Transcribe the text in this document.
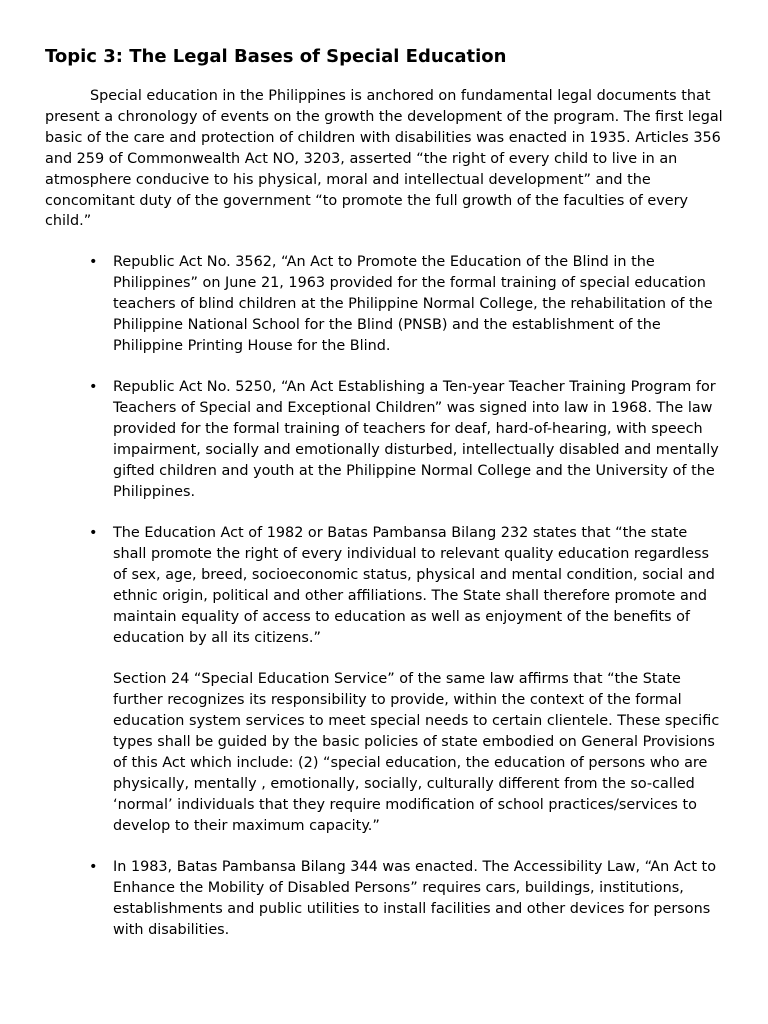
Topic 3: The Legal Bases of Special Education

Special education in the Philippines is anchored on fundamental legal documents that present a chronology of events on the growth the development of the program. The first legal basic of the care and protection of children with disabilities was enacted in 1935. Articles 356 and 259 of Commonwealth Act NO, 3203, asserted “the right of every child to live in an atmosphere conducive to his physical, moral and intellectual development” and the concomitant duty of the government “to promote the full growth of the faculties of every child.”

• Republic Act No. 3562, “An Act to Promote the Education of the Blind in the Philippines” on June 21, 1963 provided for the formal training of special education teachers of blind children at the Philippine Normal College, the rehabilitation of the Philippine National School for the Blind (PNSB) and the establishment of the Philippine Printing House for the Blind.

• Republic Act No. 5250, “An Act Establishing a Ten-year Teacher Training Program for Teachers of Special and Exceptional Children” was signed into law in 1968. The law provided for the formal training of teachers for deaf, hard-of-hearing, with speech impairment, socially and emotionally disturbed, intellectually disabled and mentally gifted children and youth at the Philippine Normal College and the University of the Philippines.

• The Education Act of 1982 or Batas Pambansa Bilang 232 states that “the state shall promote the right of every individual to relevant quality education regardless of sex, age, breed, socioeconomic status, physical and mental condition, social and ethnic origin, political and other affiliations. The State shall therefore promote and maintain equality of access to education as well as enjoyment of the benefits of education by all its citizens.”

Section 24 “Special Education Service” of the same law affirms that “the State further recognizes its responsibility to provide, within the context of the formal education system services to meet special needs to certain clientele. These specific types shall be guided by the basic policies of state embodied on General Provisions of this Act which include: (2) “special education, the education of persons who are physically, mentally , emotionally, socially, culturally different from the so-called ‘normal’ individuals that they require modification of school practices/services to develop to their maximum capacity.”

• In 1983, Batas Pambansa Bilang 344 was enacted. The Accessibility Law, “An Act to Enhance the Mobility of Disabled Persons” requires cars, buildings, institutions, establishments and public utilities to install facilities and other devices for persons with disabilities.
